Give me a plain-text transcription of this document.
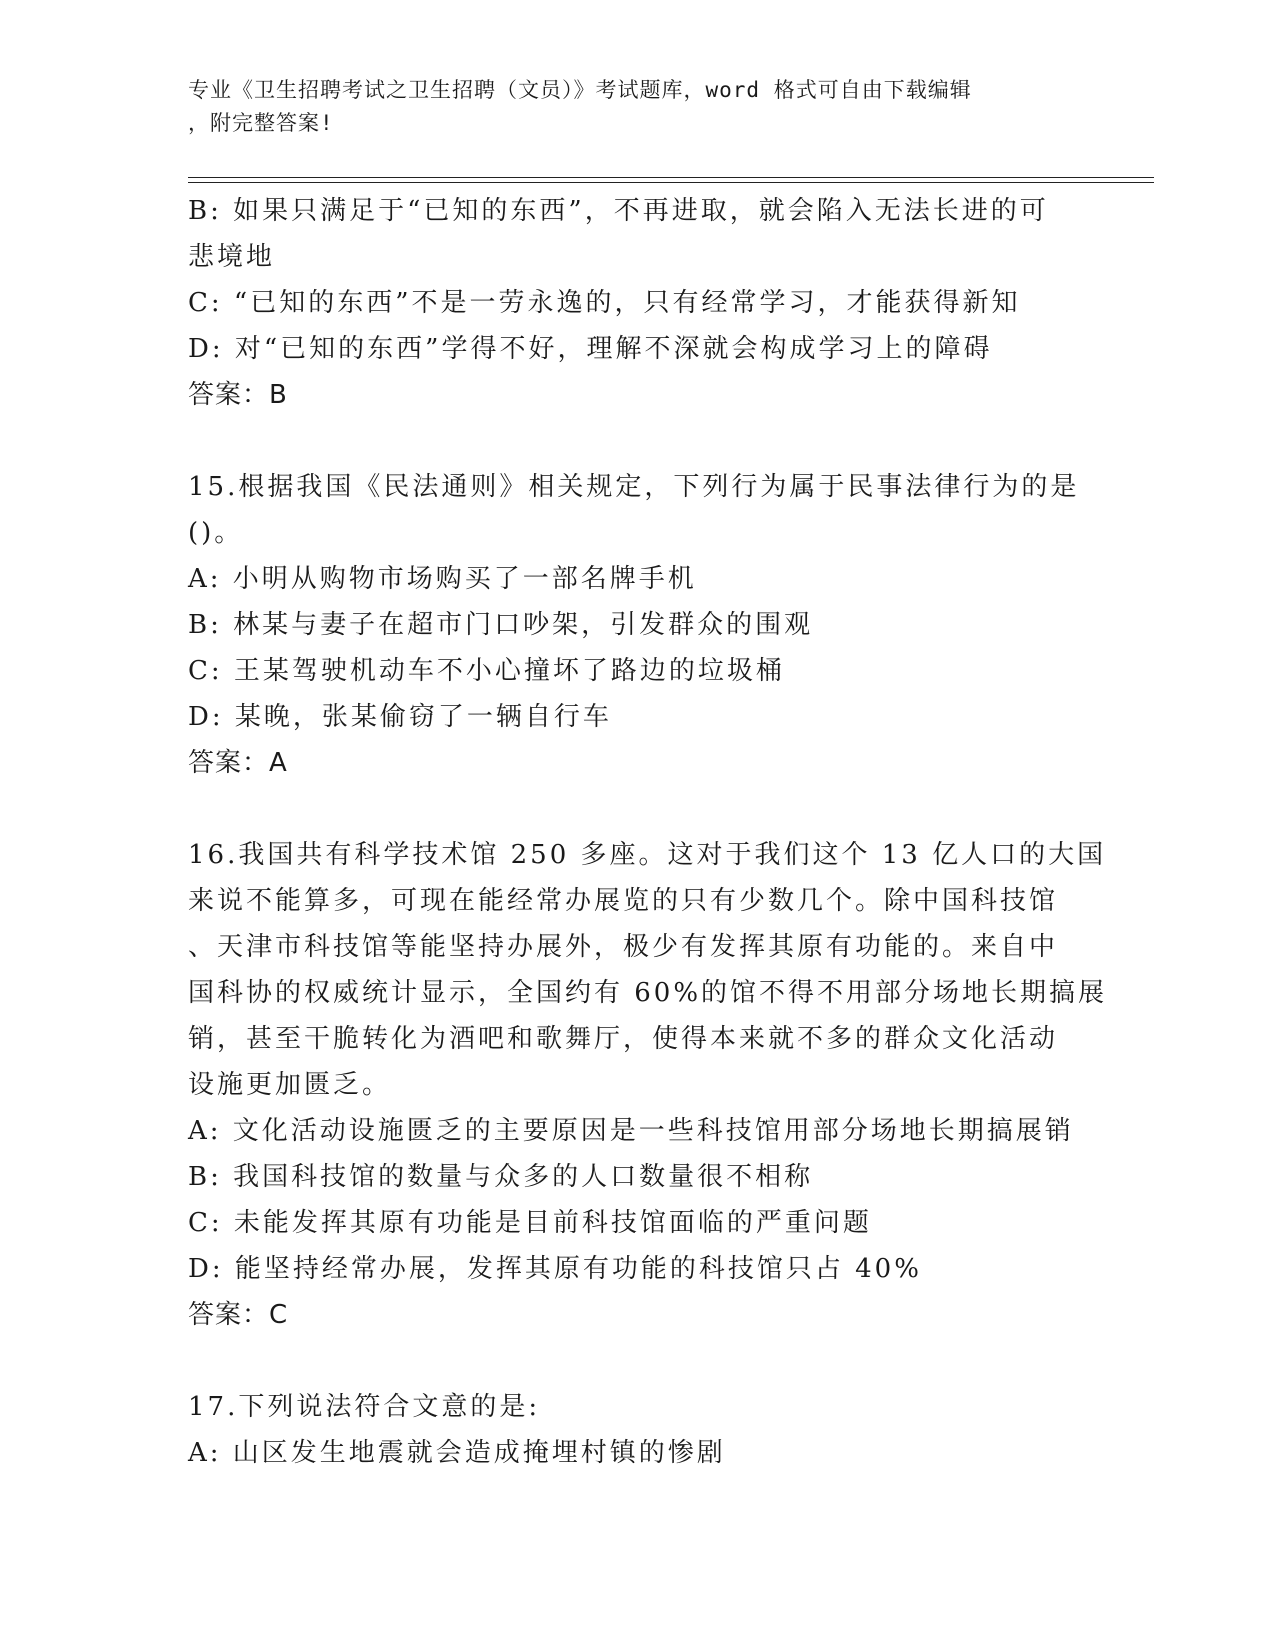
专业《卫生招聘考试之卫生招聘（文员）》考试题库，word 格式可自由下载编辑
，附完整答案!
B: 如果只满足于“已知的东西”，不再进取，就会陷入无法长进的可
悲境地
C: “已知的东西”不是一劳永逸的，只有经常学习，才能获得新知
D: 对“已知的东西”学得不好，理解不深就会构成学习上的障碍
答案：B
15.根据我国《民法通则》相关规定，下列行为属于民事法律行为的是
()。
A: 小明从购物市场购买了一部名牌手机
B: 林某与妻子在超市门口吵架，引发群众的围观
C: 王某驾驶机动车不小心撞坏了路边的垃圾桶
D: 某晚，张某偷窃了一辆自行车
答案：A
16.我国共有科学技术馆 250 多座。这对于我们这个 13 亿人口的大国
来说不能算多，可现在能经常办展览的只有少数几个。除中国科技馆
、天津市科技馆等能坚持办展外，极少有发挥其原有功能的。来自中
国科协的权威统计显示，全国约有 60%的馆不得不用部分场地长期搞展
销，甚至干脆转化为酒吧和歌舞厅，使得本来就不多的群众文化活动
设施更加匮乏。
A: 文化活动设施匮乏的主要原因是一些科技馆用部分场地长期搞展销
B: 我国科技馆的数量与众多的人口数量很不相称
C: 未能发挥其原有功能是目前科技馆面临的严重问题
D: 能坚持经常办展，发挥其原有功能的科技馆只占 40%
答案：C
17.下列说法符合文意的是:
A: 山区发生地震就会造成掩埋村镇的惨剧
